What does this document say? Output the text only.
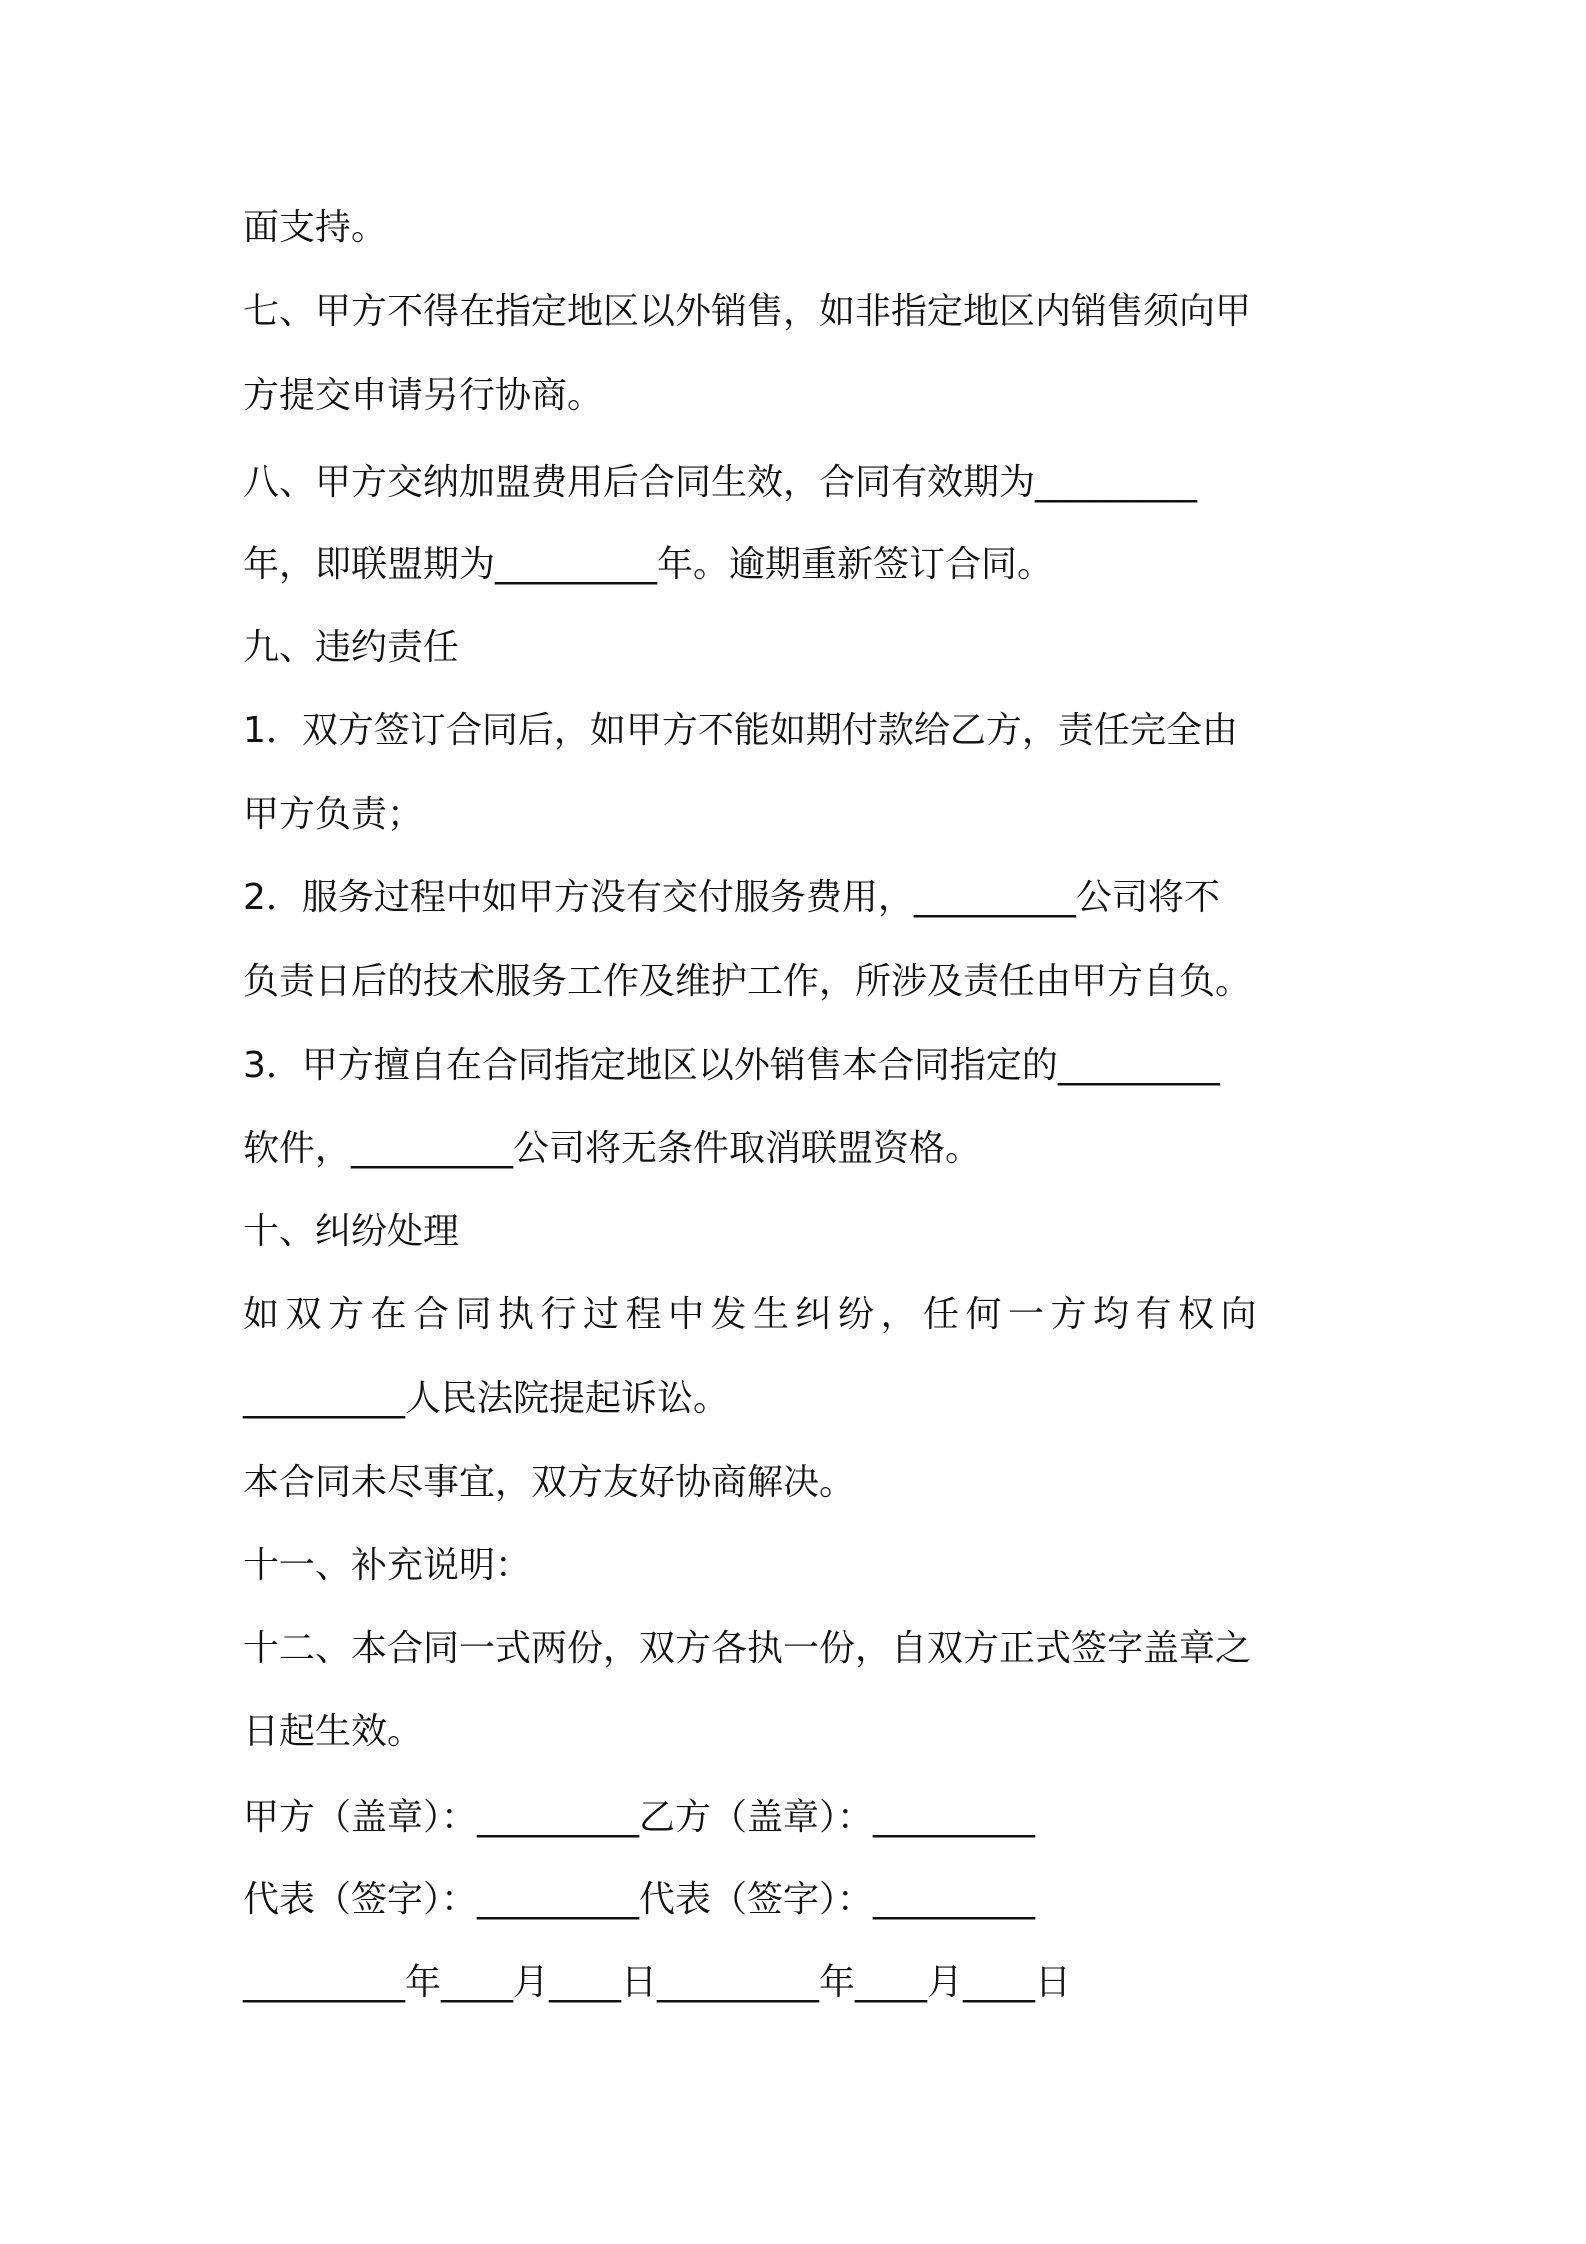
面支持。
七、甲方不得在指定地区以外销售，如非指定地区内销售须向甲
方提交申请另行协商。
八、甲方交纳加盟费用后合同生效，合同有效期为_________
年，即联盟期为_________年。逾期重新签订合同。
九、违约责任
1．双方签订合同后，如甲方不能如期付款给乙方，责任完全由
甲方负责；
2．服务过程中如甲方没有交付服务费用，_________公司将不
负责日后的技术服务工作及维护工作，所涉及责任由甲方自负。
3．甲方擅自在合同指定地区以外销售本合同指定的_________
软件，_________公司将无条件取消联盟资格。
十、纠纷处理
如双方在合同执行过程中发生纠纷，任何一方均有权向
_________人民法院提起诉讼。
本合同未尽事宜，双方友好协商解决。
十一、补充说明：
十二、本合同一式两份，双方各执一份，自双方正式签字盖章之
日起生效。
甲方（盖章）：_________乙方（盖章）：_________
代表（签字）：_________代表（签字）：_________
_________年____月____日_________年____月____日
